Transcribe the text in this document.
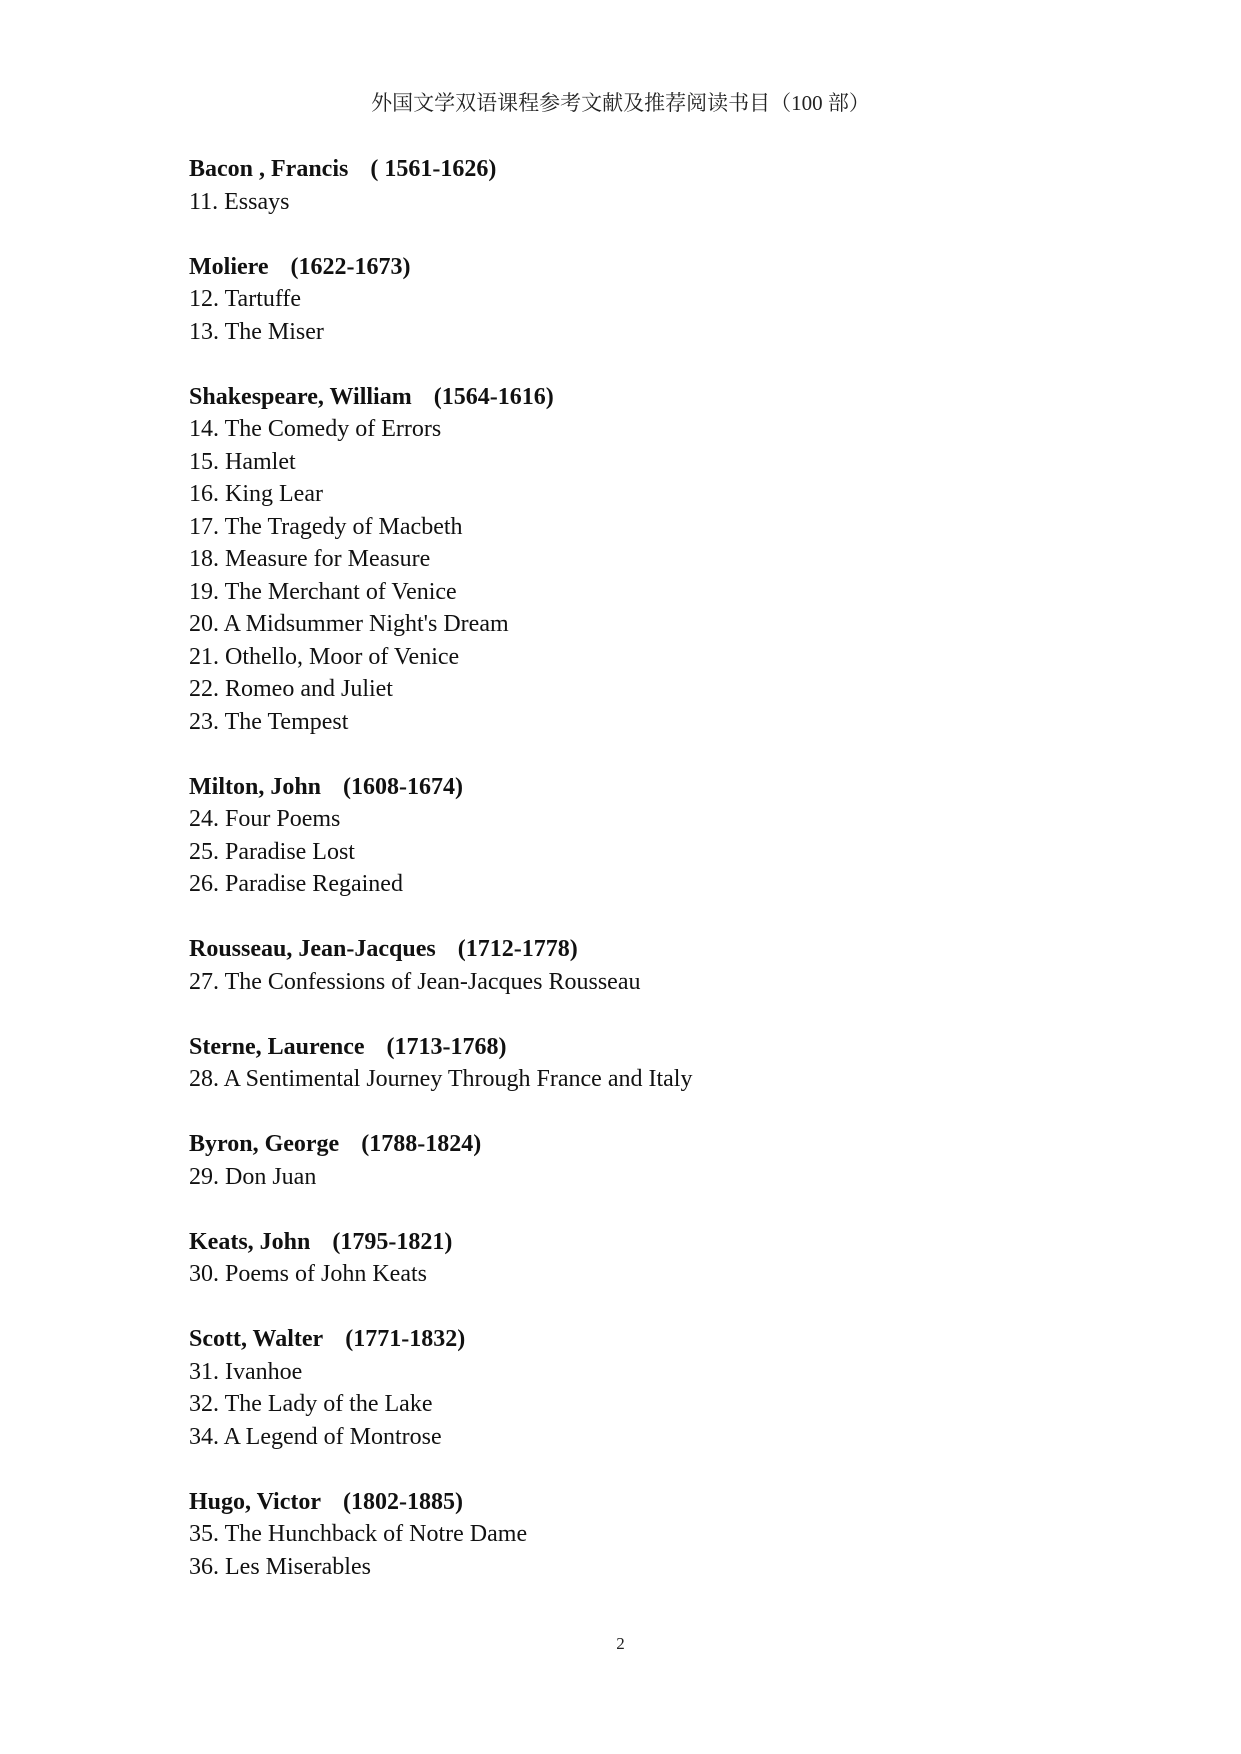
外国文学双语课程参考文献及推荐阅读书目（100 部）
Bacon , Francis ( 1561-1626)
11. Essays
Moliere (1622-1673)
12. Tartuffe
13. The Miser
Shakespeare, William (1564-1616)
14. The Comedy of Errors
15. Hamlet
16. King Lear
17. The Tragedy of Macbeth
18. Measure for Measure
19. The Merchant of Venice
20. A Midsummer Night's Dream
21. Othello, Moor of Venice
22. Romeo and Juliet
23. The Tempest
Milton, John (1608-1674)
24. Four Poems
25. Paradise Lost
26. Paradise Regained
Rousseau, Jean-Jacques (1712-1778)
27. The Confessions of Jean-Jacques Rousseau
Sterne, Laurence (1713-1768)
28. A Sentimental Journey Through France and Italy
Byron, George (1788-1824)
29. Don Juan
Keats, John (1795-1821)
30. Poems of John Keats
Scott, Walter (1771-1832)
31. Ivanhoe
32. The Lady of the Lake
34. A Legend of Montrose
Hugo, Victor (1802-1885)
35. The Hunchback of Notre Dame
36. Les Miserables
2
